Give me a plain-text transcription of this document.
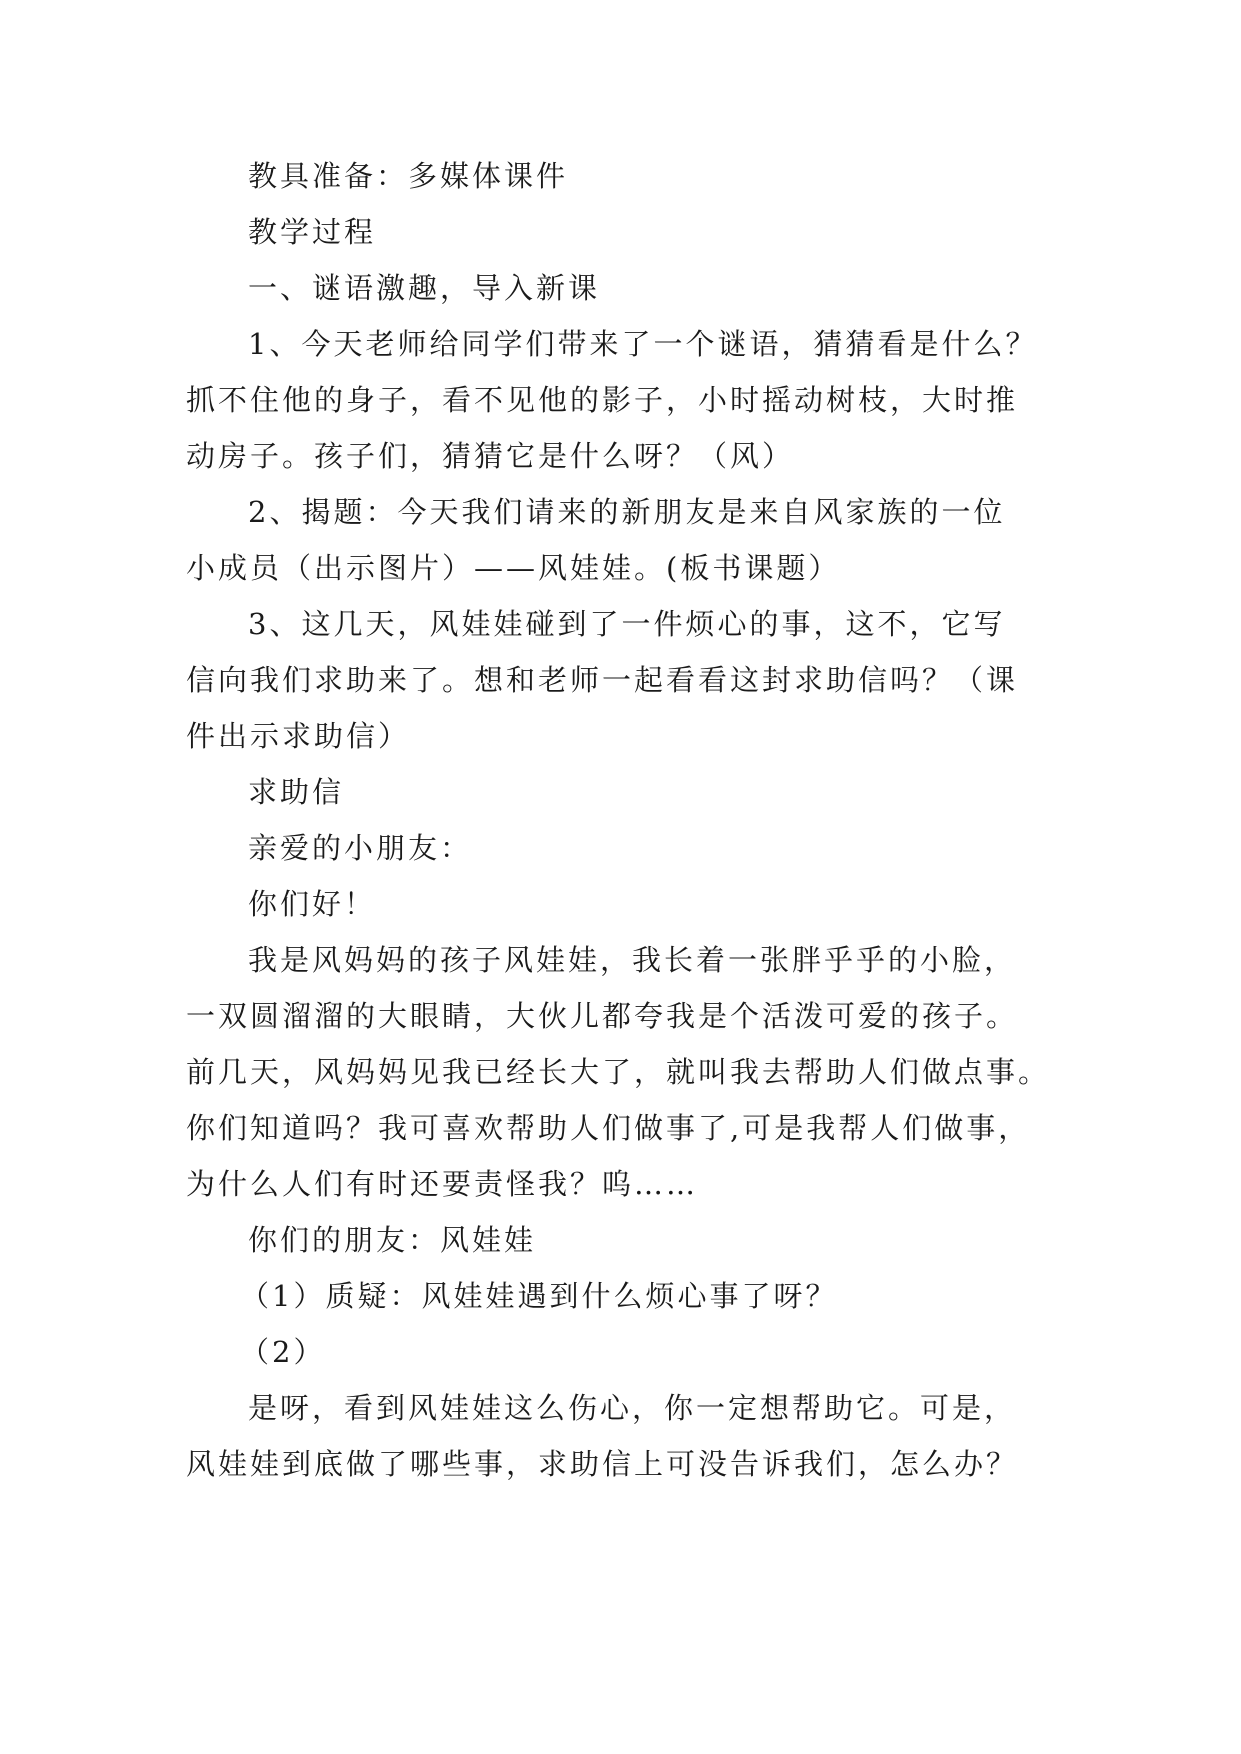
教具准备：多媒体课件
教学过程
一、谜语激趣，导入新课
1、今天老师给同学们带来了一个谜语，猜猜看是什么？
抓不住他的身子，看不见他的影子，小时摇动树枝，大时推
动房子。孩子们，猜猜它是什么呀？（风）
2、揭题：今天我们请来的新朋友是来自风家族的一位
小成员（出示图片）——风娃娃。(板书课题）
3、这几天，风娃娃碰到了一件烦心的事，这不，它写
信向我们求助来了。想和老师一起看看这封求助信吗？（课
件出示求助信）
求助信
亲爱的小朋友：
你们好！
我是风妈妈的孩子风娃娃，我长着一张胖乎乎的小脸，
一双圆溜溜的大眼睛，大伙儿都夸我是个活泼可爱的孩子。
前几天，风妈妈见我已经长大了，就叫我去帮助人们做点事。
你们知道吗？我可喜欢帮助人们做事了,可是我帮人们做事，
为什么人们有时还要责怪我？呜……
你们的朋友：风娃娃
（1）质疑：风娃娃遇到什么烦心事了呀？
（2）
是呀，看到风娃娃这么伤心，你一定想帮助它。可是，
风娃娃到底做了哪些事，求助信上可没告诉我们，怎么办？
